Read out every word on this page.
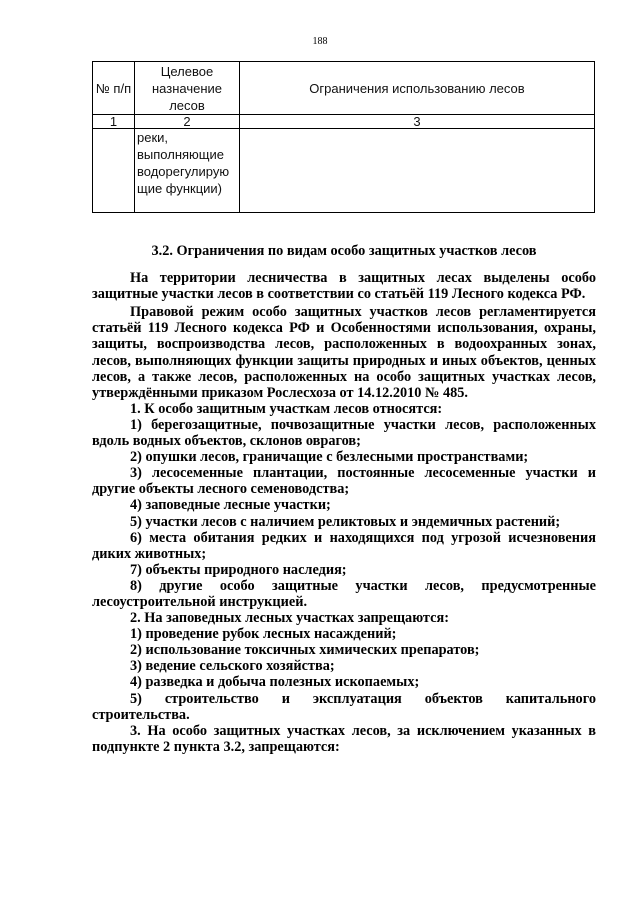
188
№ п/п	Целевое назначение лесов	Ограничения использованию лесов
1	2	3
	реки, выполняющие водорегулирую щие функции)	

3.2. Ограничения по видам особо защитных участков лесов

На территории лесничества в защитных лесах выделены особо защитные участки лесов в соответствии со статьёй 119 Лесного кодекса РФ.

Правовой режим особо защитных участков лесов регламентируется статьёй 119 Лесного кодекса РФ и Особенностями использования, охраны, защиты, воспроизводства лесов, расположенных в водоохранных зонах, лесов, выполняющих функции защиты природных и иных объектов, ценных лесов, а также лесов, расположенных на особо защитных участках лесов, утверждёнными приказом Рослесхоза от 14.12.2010 № 485.

1. К особо защитным участкам лесов относятся:

1) берегозащитные, почвозащитные участки лесов, расположенных вдоль водных объектов, склонов оврагов;

2) опушки лесов, граничащие с безлесными пространствами;

3) лесосеменные плантации, постоянные лесосеменные участки и другие объекты лесного семеноводства;

4) заповедные лесные участки;

5) участки лесов с наличием реликтовых и эндемичных растений;

6) места обитания редких и находящихся под угрозой исчезновения диких животных;

7) объекты природного наследия;

8) другие особо защитные участки лесов, предусмотренные лесоустроительной инструкцией.

2. На заповедных лесных участках запрещаются:

1) проведение рубок лесных насаждений;

2) использование токсичных химических препаратов;

3) ведение сельского хозяйства;

4) разведка и добыча полезных ископаемых;

5) строительство и эксплуатация объектов капитального строительства.

3. На особо защитных участках лесов, за исключением указанных в подпункте 2 пункта 3.2, запрещаются:
